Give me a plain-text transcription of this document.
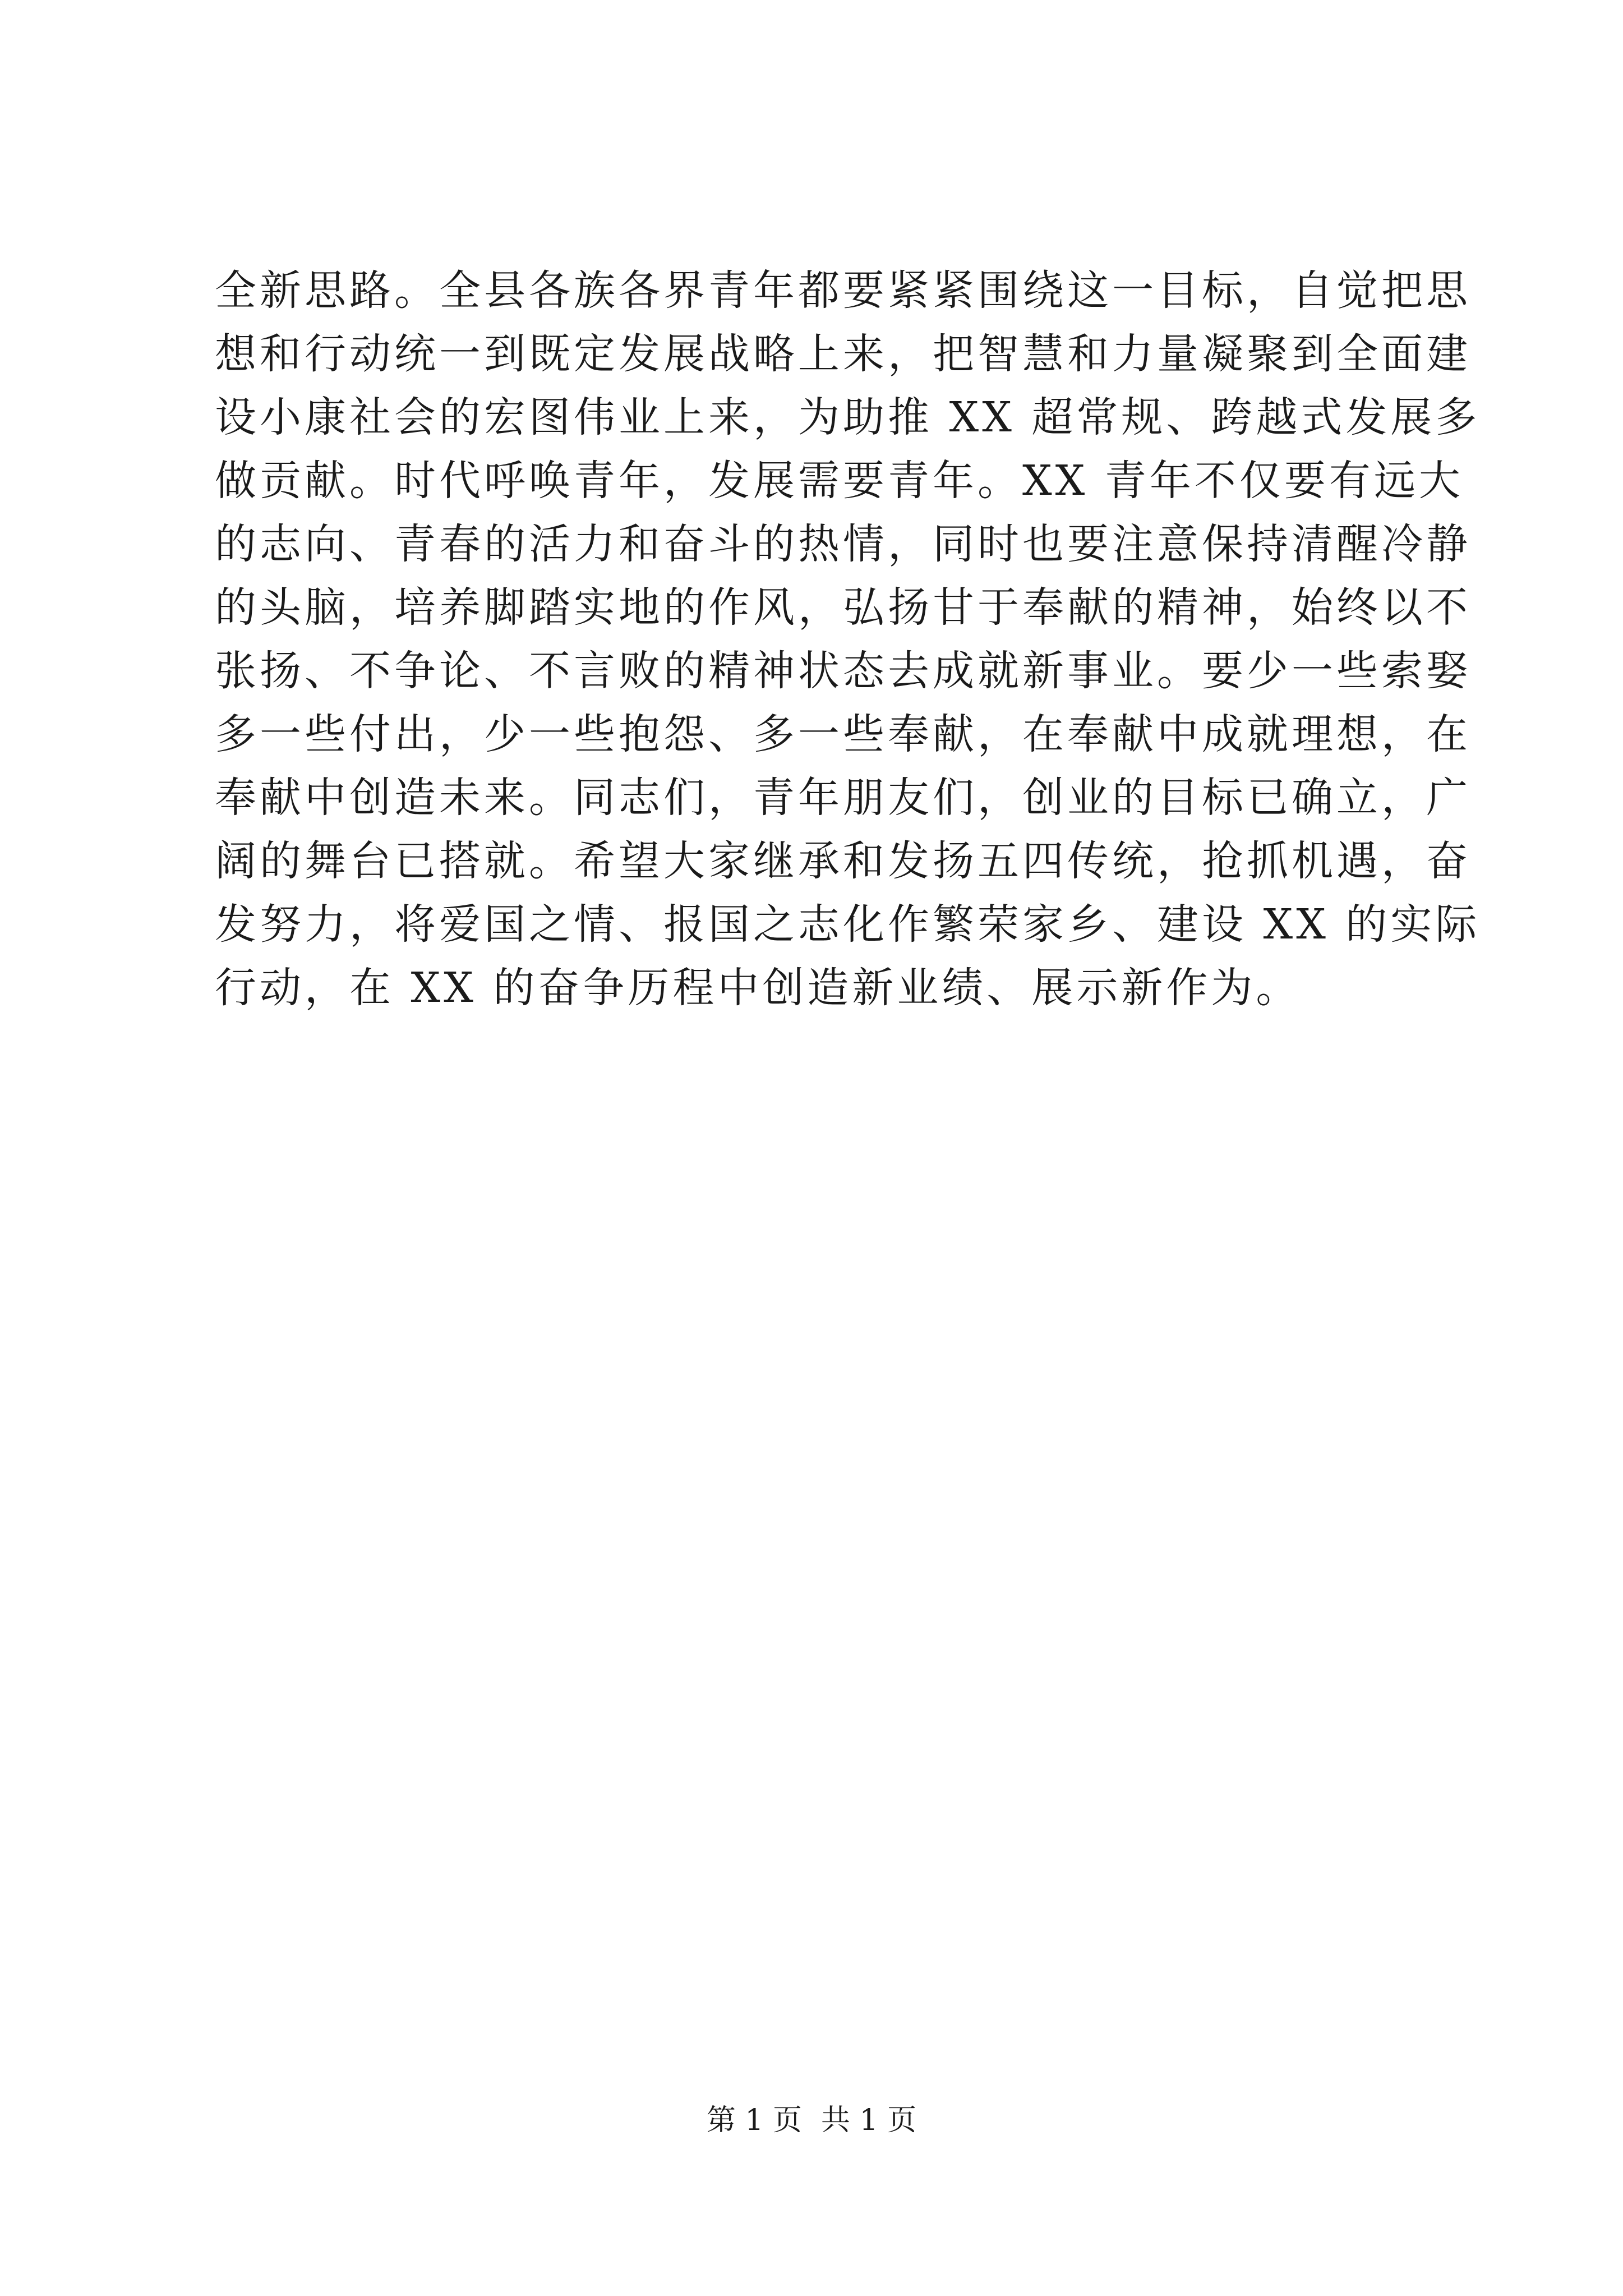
全新思路。全县各族各界青年都要紧紧围绕这一目标，自觉把思
想和行动统一到既定发展战略上来，把智慧和力量凝聚到全面建
设小康社会的宏图伟业上来，为助推 XX 超常规、跨越式发展多
做贡献。时代呼唤青年，发展需要青年。XX 青年不仅要有远大
的志向、青春的活力和奋斗的热情，同时也要注意保持清醒冷静
的头脑，培养脚踏实地的作风，弘扬甘于奉献的精神，始终以不
张扬、不争论、不言败的精神状态去成就新事业。要少一些索娶
多一些付出，少一些抱怨、多一些奉献，在奉献中成就理想，在
奉献中创造未来。同志们，青年朋友们，创业的目标已确立，广
阔的舞台已搭就。希望大家继承和发扬五四传统，抢抓机遇，奋
发努力，将爱国之情、报国之志化作繁荣家乡、建设 XX 的实际
行动，在 XX 的奋争历程中创造新业绩、展示新作为。
第 1 页 共 1 页
